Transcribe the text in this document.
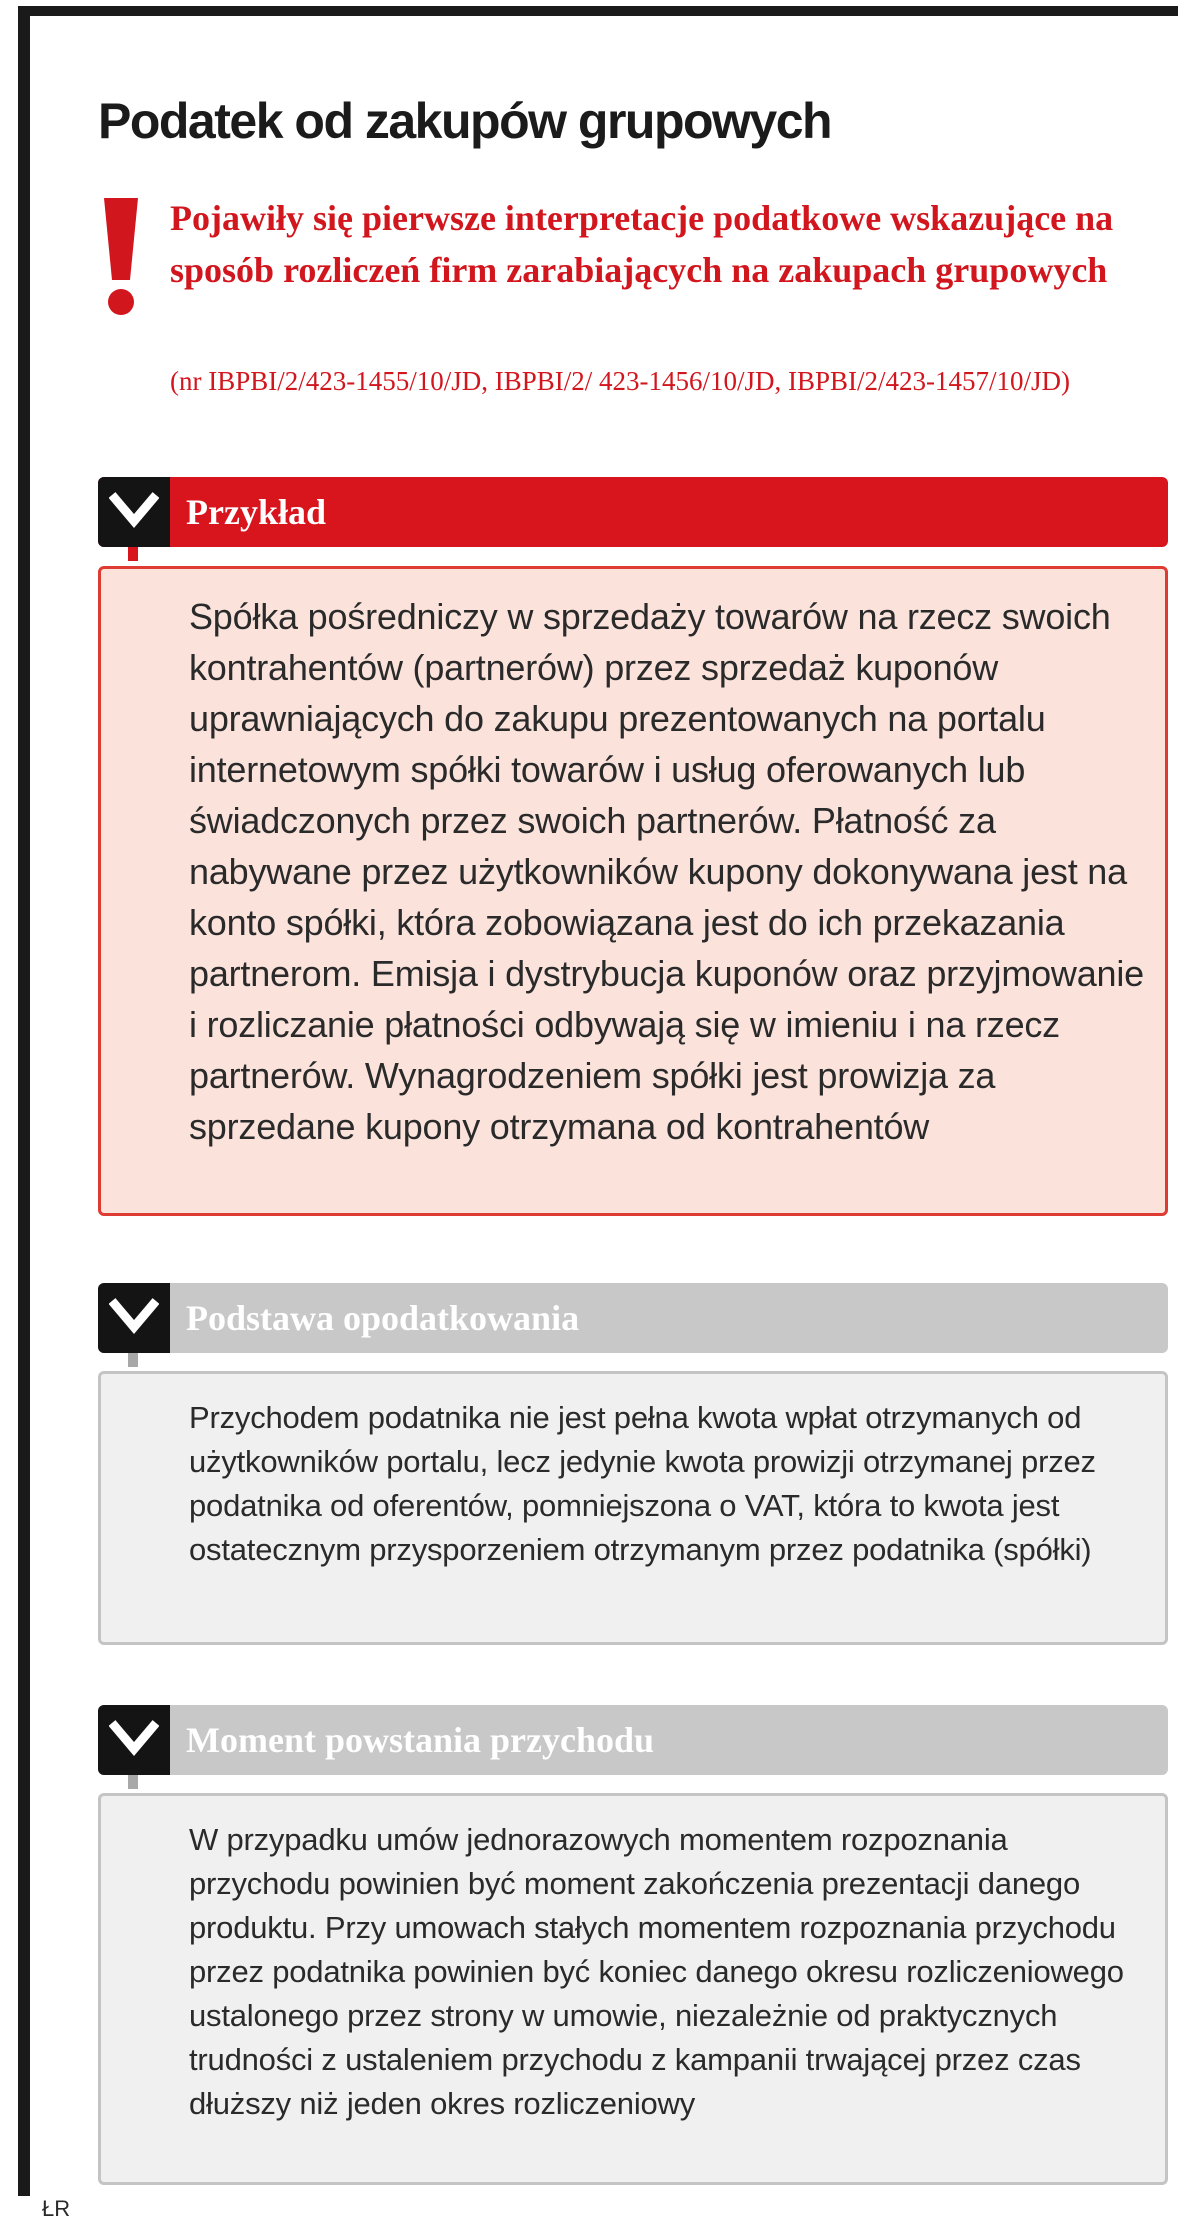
Podatek od zakupów grupowych

Pojawiły się pierwsze interpretacje podatkowe wskazujące na sposób rozliczeń firm zarabiających na zakupach grupowych

(nr IBPBI/2/423-1455/10/JD, IBPBI/2/ 423-1456/10/JD, IBPBI/2/423-1457/10/JD)

Przykład

Spółka pośredniczy w sprzedaży towarów na rzecz swoich kontrahentów (partnerów) przez sprzedaż kuponów uprawniających do zakupu prezentowanych na portalu internetowym spółki towarów i usług oferowanych lub świadczonych przez swoich partnerów. Płatność za nabywane przez użytkowników kupony dokonywana jest na konto spółki, która zobowiązana jest do ich przekazania partnerom. Emisja i dystrybucja kuponów oraz przyjmowanie i rozliczanie płatności odbywają się w imieniu i na rzecz partnerów. Wynagrodzeniem spółki jest prowizja za sprzedane kupony otrzymana od kontrahentów

Podstawa opodatkowania

Przychodem podatnika nie jest pełna kwota wpłat otrzymanych od użytkowników portalu, lecz jedynie kwota prowizji otrzymanej przez podatnika od oferentów, pomniejszona o VAT, która to kwota jest ostatecznym przysporzeniem otrzymanym przez podatnika (spółki)

Moment powstania przychodu

W przypadku umów jednorazowych momentem rozpoznania przychodu powinien być moment zakończenia prezentacji danego produktu. Przy umowach stałych momentem rozpoznania przychodu przez podatnika powinien być koniec danego okresu rozliczeniowego ustalonego przez strony w umowie, niezależnie od praktycznych trudności z ustaleniem przychodu z kampanii trwającej przez czas dłuższy niż jeden okres rozliczeniowy

ŁR
